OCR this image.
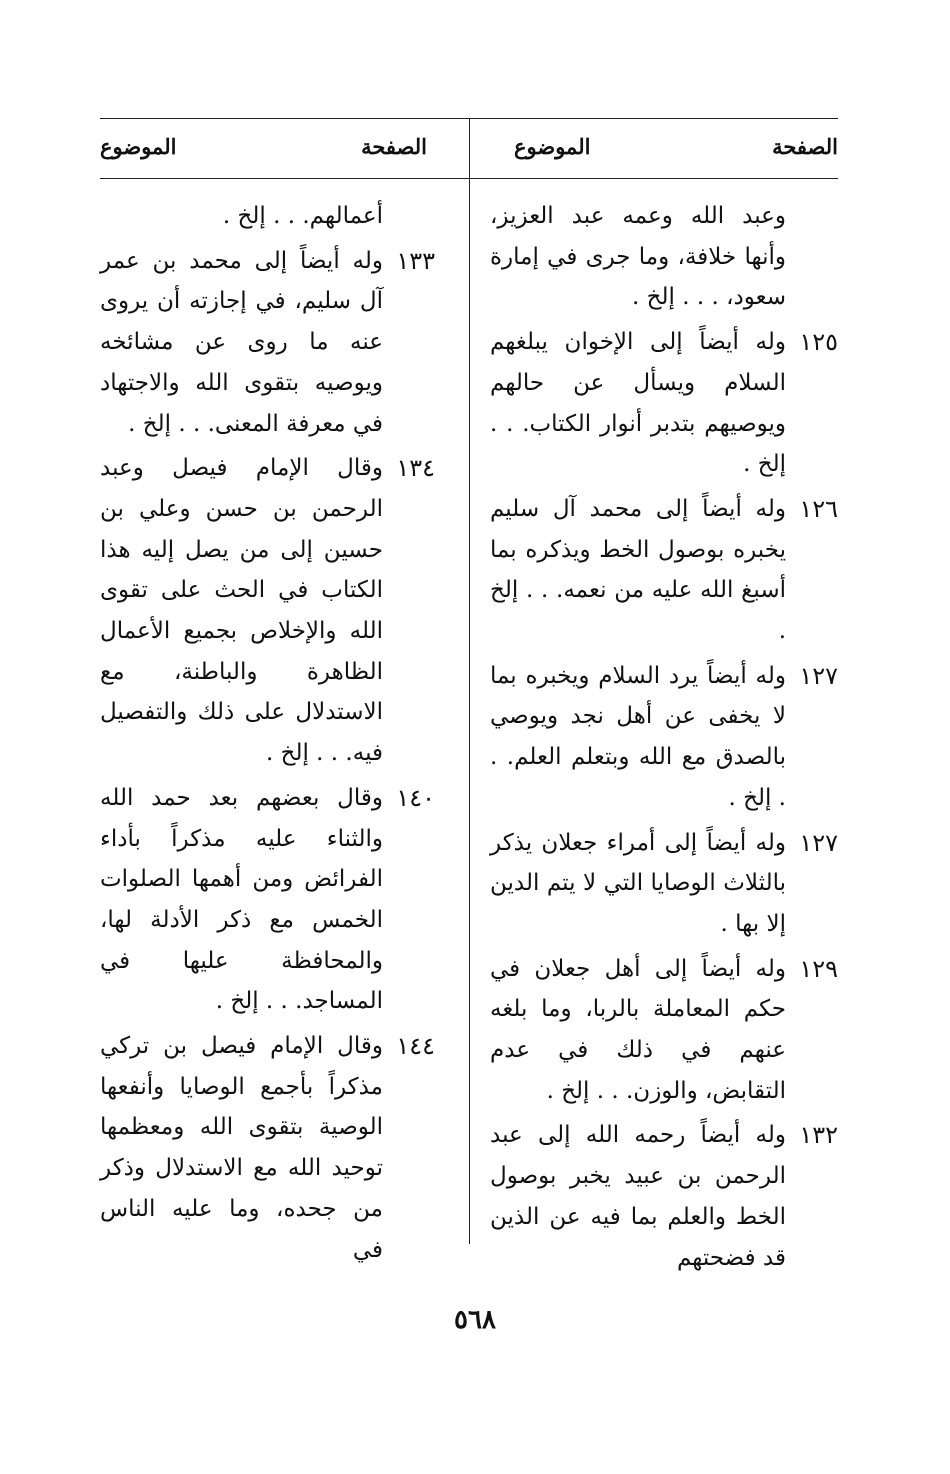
الصفحة
الموضوع
الصفحة
الموضوع
وعبد الله وعمه عبد العزيز، وأنها خلافة، وما جرى في إمارة سعود، . . . إلخ .
١٢٥
وله أيضاً إلى الإخوان يبلغهم السلام ويسأل عن حالهم ويوصيهم بتدبر أنوار الكتاب. . . إلخ .
١٢٦
وله أيضاً إلى محمد آل سليم يخبره بوصول الخط ويذكره بما أسبغ الله عليه من نعمه. . . إلخ .
١٢٧
وله أيضاً يرد السلام ويخبره بما لا يخفى عن أهل نجد ويوصي بالصدق مع الله وبتعلم العلم. . . إلخ .
١٢٧
وله أيضاً إلى أمراء جعلان يذكر بالثلاث الوصايا التي لا يتم الدين إلا بها .
١٢٩
وله أيضاً إلى أهل جعلان في حكم المعاملة بالربا، وما بلغه عنهم في ذلك في عدم التقابض، والوزن. . . إلخ .
١٣٢
وله أيضاً رحمه الله إلى عبد الرحمن بن عبيد يخبر بوصول الخط والعلم بما فيه عن الذين قد فضحتهم
أعمالهم. . . إلخ .
١٣٣
وله أيضاً إلى محمد بن عمر آل سليم، في إجازته أن يروى عنه ما روى عن مشائخه ويوصيه بتقوى الله والاجتهاد في معرفة المعنى. . . إلخ .
١٣٤
وقال الإمام فيصل وعبد الرحمن بن حسن وعلي بن حسين إلى من يصل إليه هذا الكتاب في الحث على تقوى الله والإخلاص بجميع الأعمال الظاهرة والباطنة، مع الاستدلال على ذلك والتفصيل فيه. . . إلخ .
١٤٠
وقال بعضهم بعد حمد الله والثناء عليه مذكراً بأداء الفرائض ومن أهمها الصلوات الخمس مع ذكر الأدلة لها، والمحافظة عليها في المساجد. . . إلخ .
١٤٤
وقال الإمام فيصل بن تركي مذكراً بأجمع الوصايا وأنفعها الوصية بتقوى الله ومعظمها توحيد الله مع الاستدلال وذكر من جحده، وما عليه الناس في
٥٦٨
